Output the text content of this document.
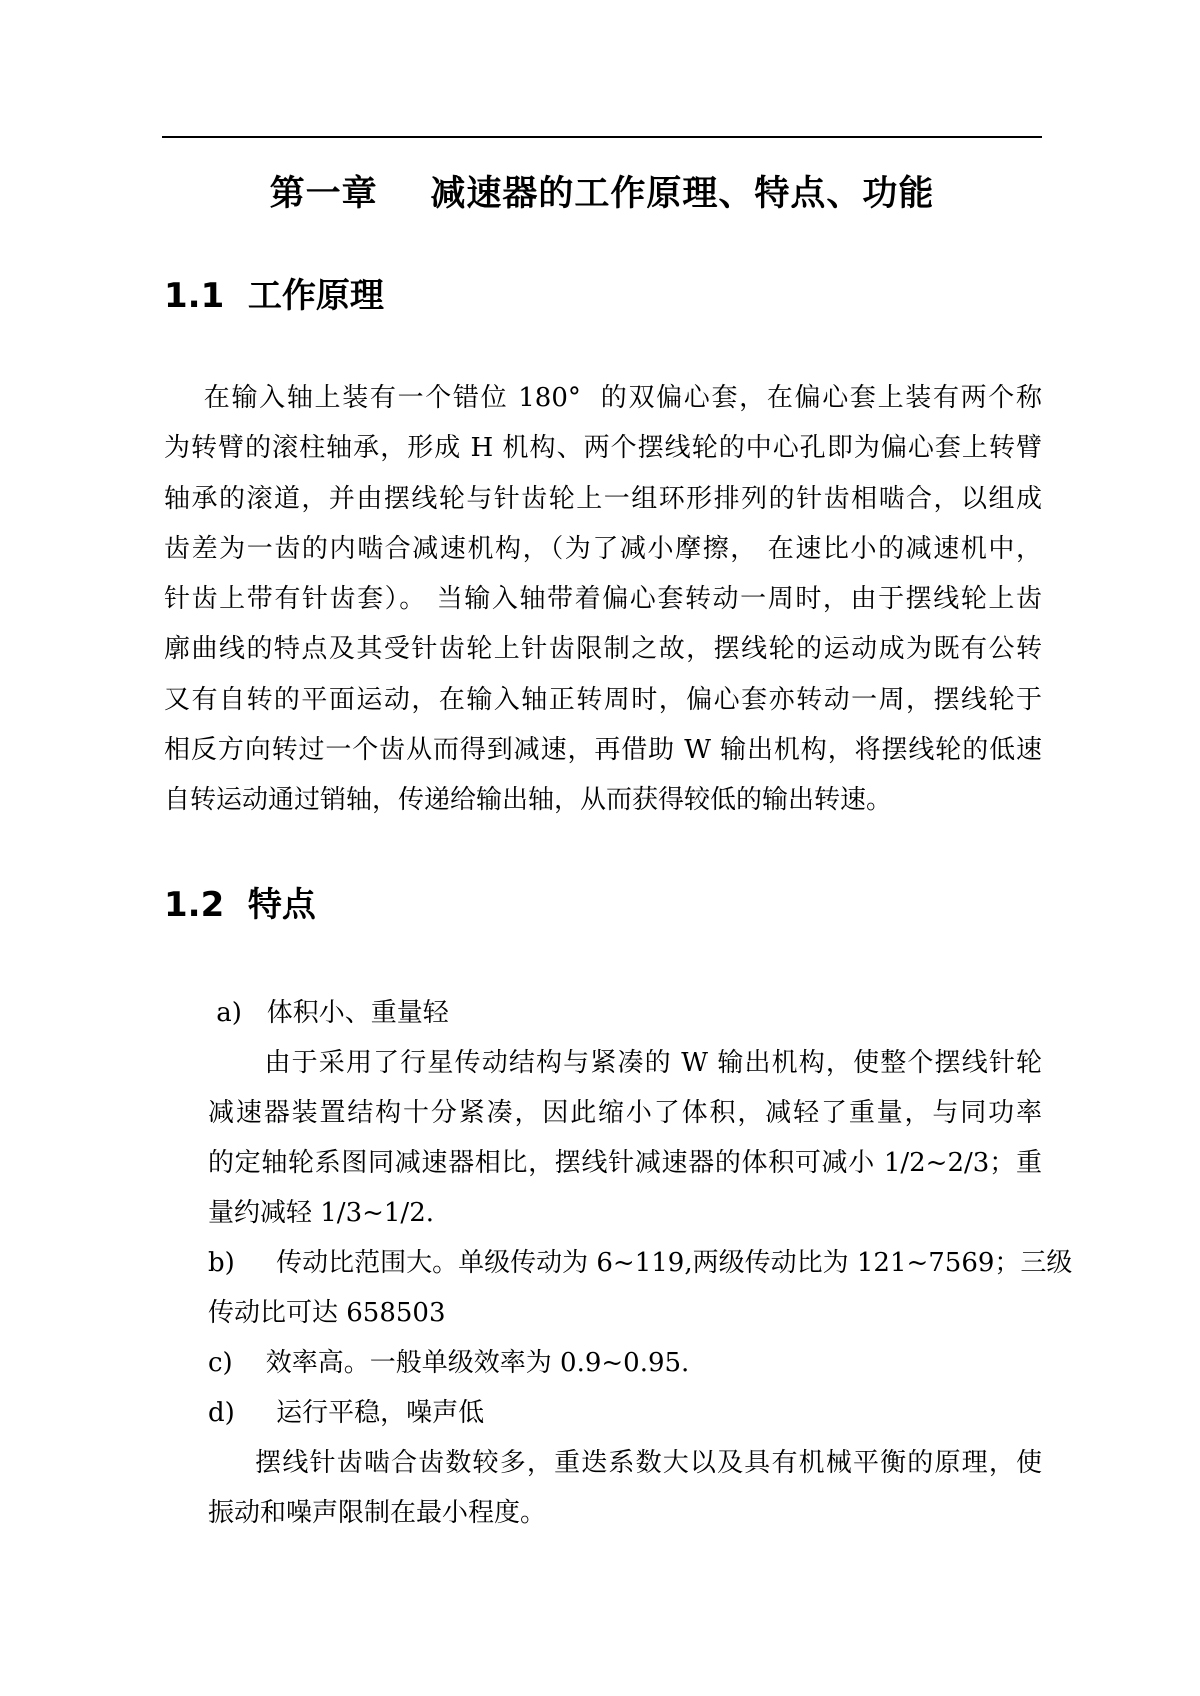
第一章    减速器的工作原理、特点、功能
1.1  工作原理
在输入轴上装有一个错位 180°  的双偏心套，在偏心套上装有两个称
为转臂的滚柱轴承，形成 H 机构、两个摆线轮的中心孔即为偏心套上转臂
轴承的滚道，并由摆线轮与针齿轮上一组环形排列的针齿相啮合，以组成
齿差为一齿的内啮合减速机构，（为了减小摩擦， 在速比小的减速机中，
针齿上带有针齿套）。 当输入轴带着偏心套转动一周时，由于摆线轮上齿
廓曲线的特点及其受针齿轮上针齿限制之故，摆线轮的运动成为既有公转
又有自转的平面运动，在输入轴正转周时，偏心套亦转动一周，摆线轮于
相反方向转过一个齿从而得到减速，再借助 W 输出机构，将摆线轮的低速
自转运动通过销轴，传递给输出轴，从而获得较低的输出转速。
1.2  特点
a)   体积小、重量轻
由于采用了行星传动结构与紧凑的 W 输出机构，使整个摆线针轮
减速器装置结构十分紧凑，因此缩小了体积，减轻了重量，与同功率
的定轴轮系图同减速器相比，摆线针减速器的体积可减小 1/2~2/3；重
量约减轻 1/3~1/2.
b)     传动比范围大。单级传动为 6~119,两级传动比为 121~7569；三级
传动比可达 658503
c)    效率高。一般单级效率为 0.9~0.95.
d)     运行平稳，噪声低
摆线针齿啮合齿数较多，重迭系数大以及具有机械平衡的原理，使
振动和噪声限制在最小程度。
